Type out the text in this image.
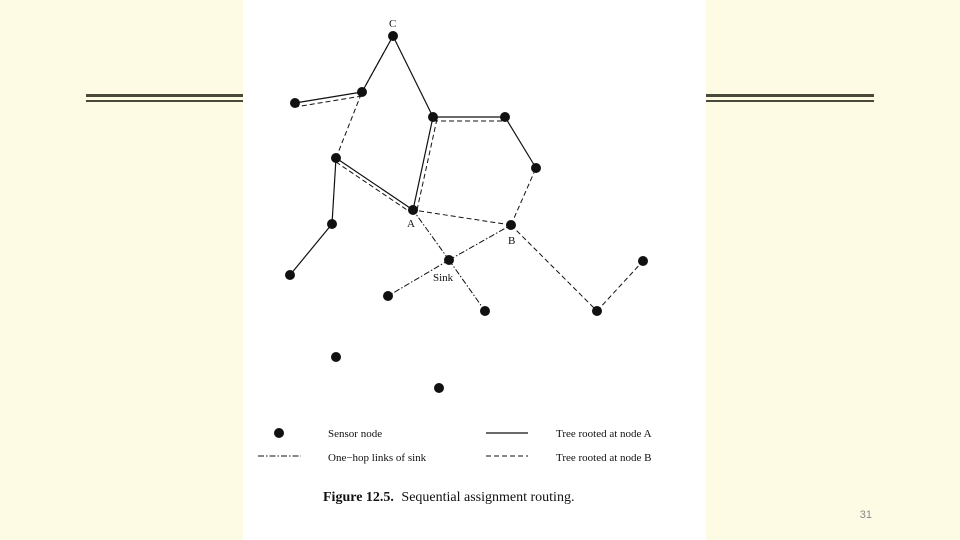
C
A
B
Sink
Sensor node
One−hop links of sink
Tree rooted at node A
Tree rooted at node B
Figure 12.5. Sequential assignment routing.
31
